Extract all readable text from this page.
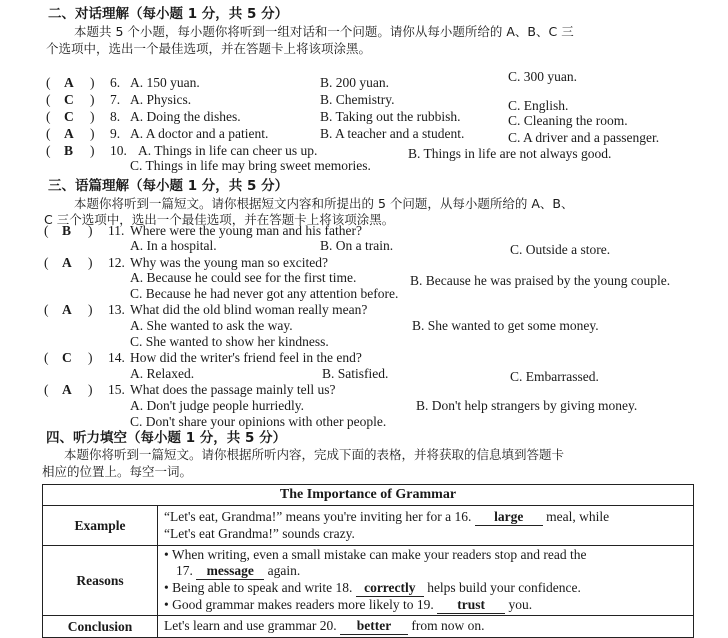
二、对话理解（每小题 1 分，共 5 分）
本题共 5 个小题，每小题你将听到一组对话和一个问题。请你从每小题所给的 A、B、C 三
个选项中，选出一个最佳选项，并在答题卡上将该项涂黑。
( A ) 6. A. 150 yuan.	B. 200 yuan.	C. 300 yuan.
( C ) 7. A. Physics.	B. Chemistry.	C. English.
( C ) 8. A. Doing the dishes.	B. Taking out the rubbish.	C. Cleaning the room.
( A ) 9. A. A doctor and a patient.	B. A teacher and a student.	C. A driver and a passenger.
( B ) 10. A. Things in life can cheer us up.	B. Things in life are not always good.
C. Things in life may bring sweet memories.
三、语篇理解（每小题 1 分，共 5 分）
本题你将听到一篇短文。请你根据短文内容和所提出的 5 个问题，从每小题所给的 A、B、
C 三个选项中，选出一个最佳选项，并在答题卡上将该项涂黑。
( B ) 11. Where were the young man and his father?
A. In a hospital.	B. On a train.	C. Outside a store.
( A ) 12. Why was the young man so excited?
A. Because he could see for the first time.	B. Because he was praised by the young couple.
C. Because he had never got any attention before.
( A ) 13. What did the old blind woman really mean?
A. She wanted to ask the way.	B. She wanted to get some money.
C. She wanted to show her kindness.
( C ) 14. How did the writer's friend feel in the end?
A. Relaxed.	B. Satisfied.	C. Embarrassed.
( A ) 15. What does the passage mainly tell us?
A. Don't judge people hurriedly.	B. Don't help strangers by giving money.
C. Don't share your opinions with other people.
四、听力填空（每小题 1 分，共 5 分）
本题你将听到一篇短文。请你根据所听内容，完成下面的表格，并将获取的信息填到答题卡
相应的位置上。每空一词。
The Importance of Grammar	
Example	“Let's eat, Grandma!” means you're inviting her for a 16. large meal, while
“Let's eat Grandma!” sounds crazy.

Reasons	• When writing, even a small mistake can make your readers stop and read the
17. message again.
• Being able to speak and write 18. correctly helps build your confidence.
• Good grammar makes readers more likely to 19. trust you.

Conclusion	Let's learn and use grammar 20. better from now on.
